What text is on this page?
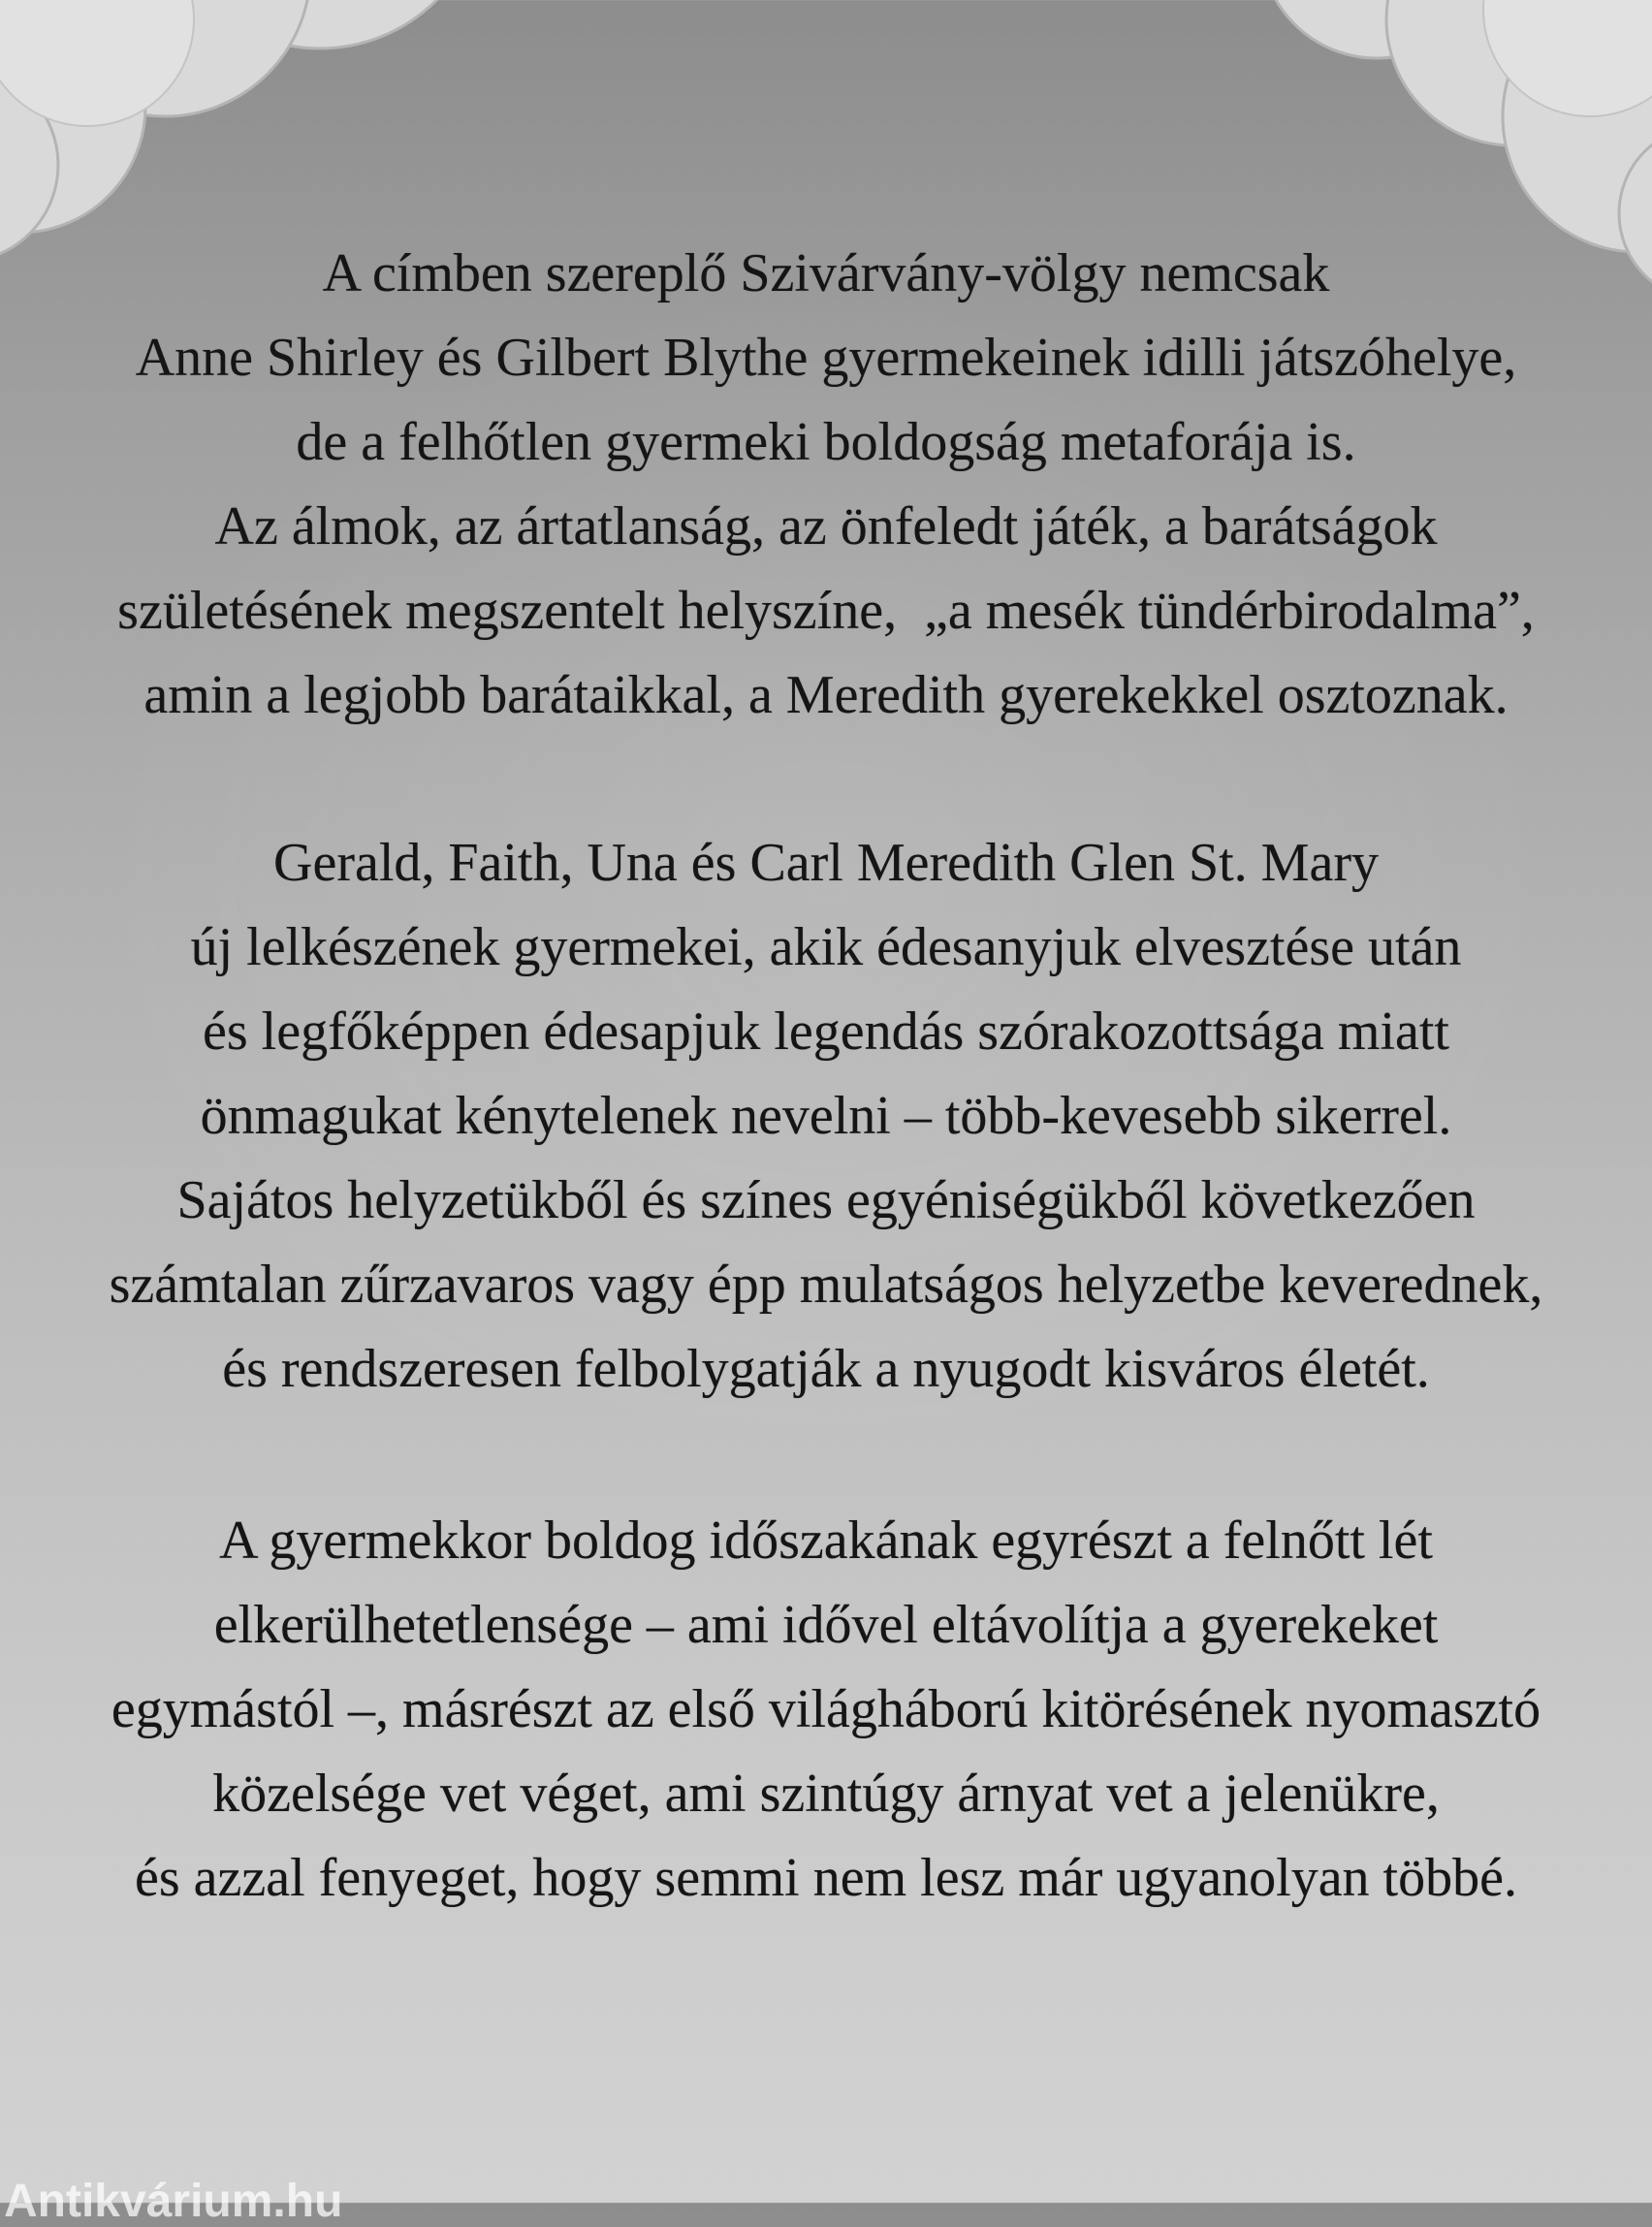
A címben szereplő Szivárvány-völgy nemcsak
Anne Shirley és Gilbert Blythe gyermekeinek idilli játszóhelye,
de a felhőtlen gyermeki boldogság metaforája is.
Az álmok, az ártatlanság, az önfeledt játék, a barátságok
születésének megszentelt helyszíne,  „a mesék tündérbirodalma”,
amin a legjobb barátaikkal, a Meredith gyerekekkel osztoznak.
Gerald, Faith, Una és Carl Meredith Glen St. Mary
új lelkészének gyermekei, akik édesanyjuk elvesztése után
és legfőképpen édesapjuk legendás szórakozottsága miatt
önmagukat kénytelenek nevelni – több-kevesebb sikerrel.
Sajátos helyzetükből és színes egyéniségükből következően
számtalan zűrzavaros vagy épp mulatságos helyzetbe keverednek,
és rendszeresen felbolygatják a nyugodt kisváros életét.
A gyermekkor boldog időszakának egyrészt a felnőtt lét
elkerülhetetlensége – ami idővel eltávolítja a gyerekeket
egymástól –, másrészt az első világháború kitörésének nyomasztó
közelsége vet véget, ami szintúgy árnyat vet a jelenükre,
és azzal fenyeget, hogy semmi nem lesz már ugyanolyan többé.
Antikvárium.hu
